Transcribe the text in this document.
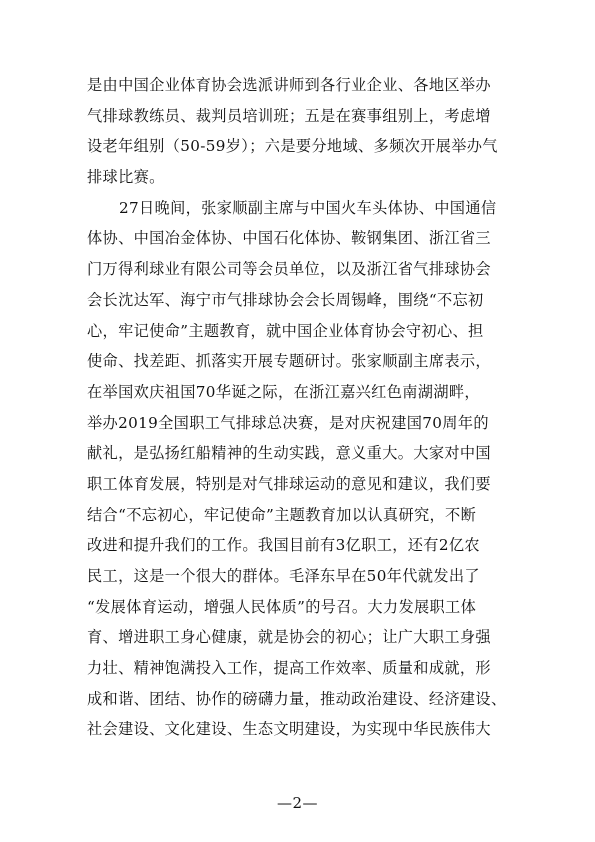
是由中国企业体育协会选派讲师到各行业企业、各地区举办
气排球教练员、裁判员培训班；五是在赛事组别上，考虑增
设老年组别（50-59岁）；六是要分地域、多频次开展举办气
排球比赛。
27日晚间，张家顺副主席与中国火车头体协、中国通信
体协、中国冶金体协、中国石化体协、鞍钢集团、浙江省三
门万得利球业有限公司等会员单位，以及浙江省气排球协会
会长沈达军、海宁市气排球协会会长周锡峰，围绕“不忘初
心，牢记使命”主题教育，就中国企业体育协会守初心、担
使命、找差距、抓落实开展专题研讨。张家顺副主席表示，
在举国欢庆祖国70华诞之际，在浙江嘉兴红色南湖湖畔，
举办2019全国职工气排球总决赛，是对庆祝建国70周年的
献礼，是弘扬红船精神的生动实践，意义重大。大家对中国
职工体育发展，特别是对气排球运动的意见和建议，我们要
结合“不忘初心，牢记使命”主题教育加以认真研究，不断
改进和提升我们的工作。我国目前有3亿职工，还有2亿农
民工，这是一个很大的群体。毛泽东早在50年代就发出了
“发展体育运动，增强人民体质”的号召。大力发展职工体
育、增进职工身心健康，就是协会的初心；让广大职工身强
力壮、精神饱满投入工作，提高工作效率、质量和成就，形
成和谐、团结、协作的磅礴力量，推动政治建设、经济建设、
社会建设、文化建设、生态文明建设，为实现中华民族伟大
—2—
